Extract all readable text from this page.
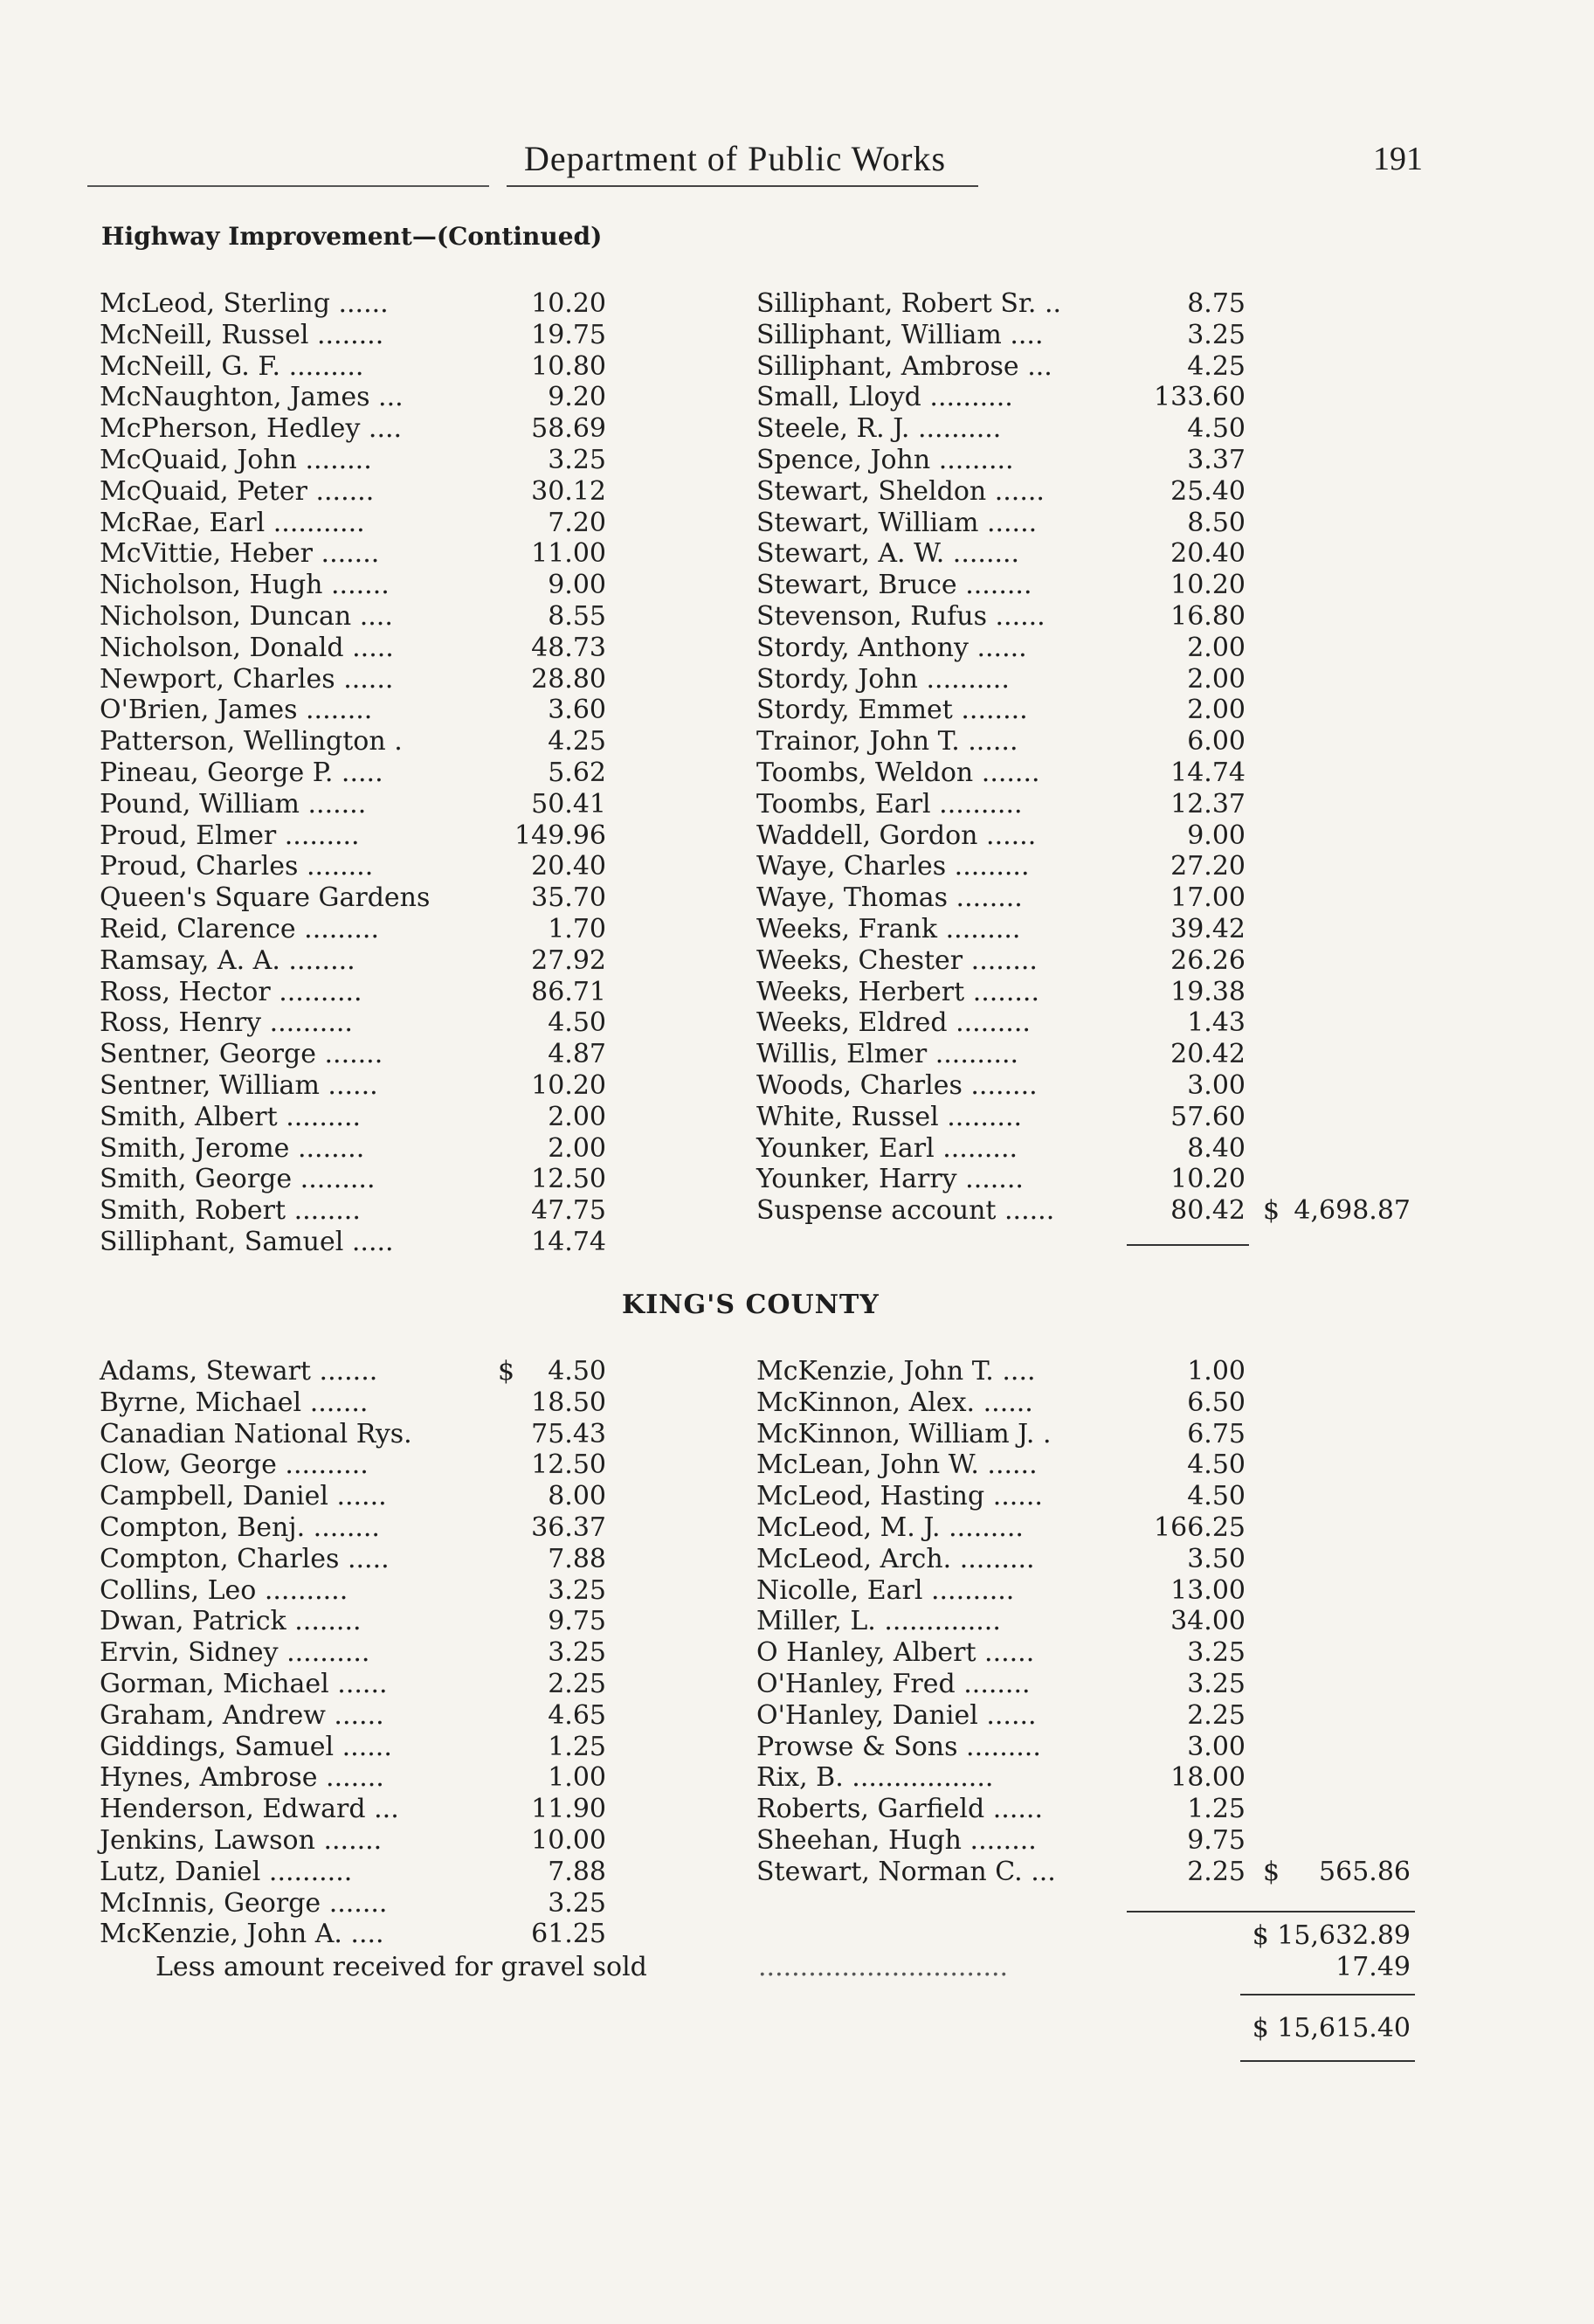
Department of Public Works	191
Highway Improvement—(Continued)
McLeod, Sterling ......	10.20
McNeill, Russel ........	19.75
McNeill, G. F. .........	10.80
McNaughton, James ...	9.20
McPherson, Hedley ....	58.69
McQuaid, John ........	3.25
McQuaid, Peter .......	30.12
McRae, Earl ...........	7.20
McVittie, Heber .......	11.00
Nicholson, Hugh .......	9.00
Nicholson, Duncan ....	8.55
Nicholson, Donald .....	48.73
Newport, Charles ......	28.80
O'Brien, James ........	3.60
Patterson, Wellington .	4.25
Pineau, George P. .....	5.62
Pound, William .......	50.41
Proud, Elmer .........	149.96
Proud, Charles ........	20.40
Queen's Square Gardens	35.70
Reid, Clarence .........	1.70
Ramsay, A. A. ........	27.92
Ross, Hector ..........	86.71
Ross, Henry ..........	4.50
Sentner, George .......	4.87
Sentner, William ......	10.20
Smith, Albert .........	2.00
Smith, Jerome ........	2.00
Smith, George .........	12.50
Smith, Robert ........	47.75
Silliphant, Samuel .....	14.74
Silliphant, Robert Sr. ..	8.75
Silliphant, William ....	3.25
Silliphant, Ambrose ...	4.25
Small, Lloyd ..........	133.60
Steele, R. J. ..........	4.50
Spence, John .........	3.37
Stewart, Sheldon ......	25.40
Stewart, William ......	8.50
Stewart, A. W. ........	20.40
Stewart, Bruce ........	10.20
Stevenson, Rufus ......	16.80
Stordy, Anthony ......	2.00
Stordy, John ..........	2.00
Stordy, Emmet ........	2.00
Trainor, John T. ......	6.00
Toombs, Weldon .......	14.74
Toombs, Earl ..........	12.37
Waddell, Gordon ......	9.00
Waye, Charles .........	27.20
Waye, Thomas ........	17.00
Weeks, Frank .........	39.42
Weeks, Chester ........	26.26
Weeks, Herbert ........	19.38
Weeks, Eldred .........	1.43
Willis, Elmer ..........	20.42
Woods, Charles ........	3.00
White, Russel .........	57.60
Younker, Earl .........	8.40
Younker, Harry .......	10.20
Suspense account ......	80.42 $ 4,698.87
KING'S COUNTY
Adams, Stewart .......	$	4.50
Byrne, Michael .......	18.50
Canadian National Rys.	75.43
Clow, George ..........	12.50
Campbell, Daniel ......	8.00
Compton, Benj. ........	36.37
Compton, Charles .....	7.88
Collins, Leo ..........	3.25
Dwan, Patrick ........	9.75
Ervin, Sidney ..........	3.25
Gorman, Michael ......	2.25
Graham, Andrew ......	4.65
Giddings, Samuel ......	1.25
Hynes, Ambrose .......	1.00
Henderson, Edward ...	11.90
Jenkins, Lawson .......	10.00
Lutz, Daniel ..........	7.88
McInnis, George .......	3.25
McKenzie, John A. ....	61.25
McKenzie, John T. ....	1.00
McKinnon, Alex. ......	6.50
McKinnon, William J. .	6.75
McLean, John W. ......	4.50
McLeod, Hasting ......	4.50
McLeod, M. J. .........	166.25
McLeod, Arch. .........	3.50
Nicolle, Earl ..........	13.00
Miller, L. ..............	34.00
O Hanley, Albert ......	3.25
O'Hanley, Fred ........	3.25
O'Hanley, Daniel ......	2.25
Prowse & Sons .........	3.00
Rix, B. .................	18.00
Roberts, Garfield ......	1.25
Sheehan, Hugh ........	9.75
Stewart, Norman C. ...	2.25 $	565.86
$ 15,632.89
Less amount received for gravel sold	..............................	17.49
$ 15,615.40
